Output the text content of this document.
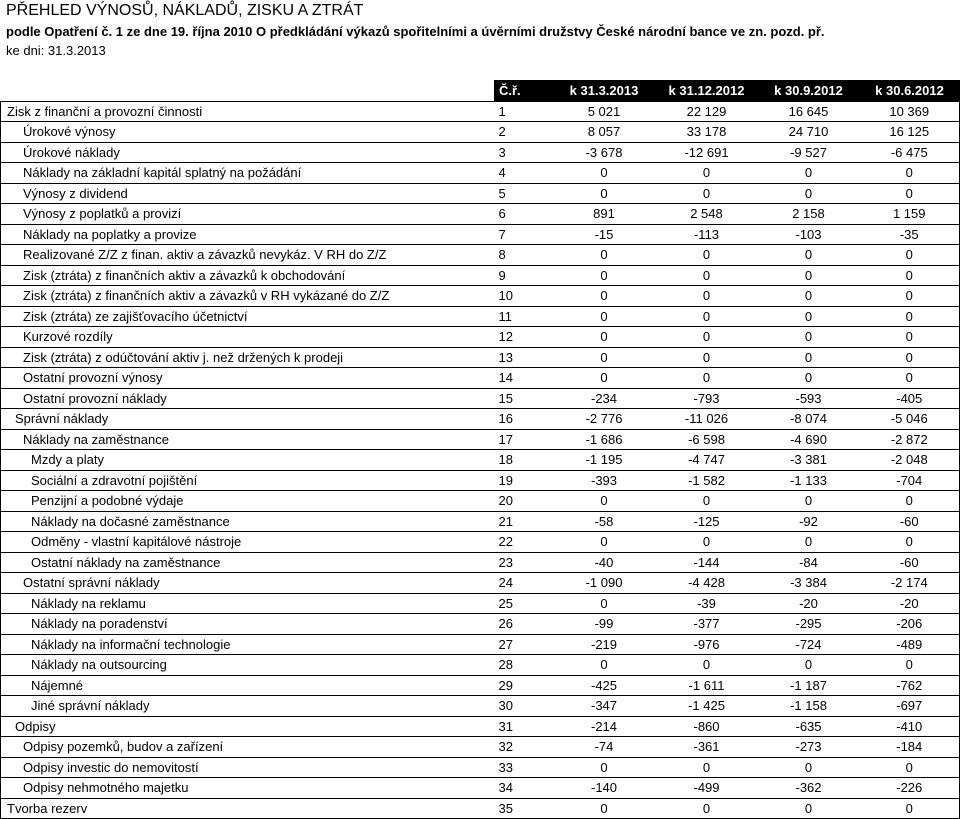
PŘEHLED VÝNOSŮ, NÁKLADŮ, ZISKU A ZTRÁT
podle Opatření č. 1 ze dne 19. října 2010 O předkládání výkazů spořitelními a úvěrními družstvy České národní bance ve zn. pozd. př.
ke dni: 31.3.2013
	Č.ř.	k 31.3.2013	k 31.12.2012	k 30.9.2012	k 30.6.2012
Zisk z finanční a provozní činnosti	1	5 021	22 129	16 645	10 369
Úrokové výnosy	2	8 057	33 178	24 710	16 125
Úrokové náklady	3	-3 678	-12 691	-9 527	-6 475
Náklady na základní kapitál splatný na požádání	4	0	0	0	0
Výnosy z dividend	5	0	0	0	0
Výnosy z poplatků a provizí	6	891	2 548	2 158	1 159
Náklady na poplatky a provize	7	-15	-113	-103	-35
Realizované Z/Z z finan. aktiv a závazků nevykáz. V RH do Z/Z	8	0	0	0	0
Zisk (ztráta) z finančních aktiv a závazků k obchodování	9	0	0	0	0
Zisk (ztráta) z finančních aktiv a závazků v RH vykázané do Z/Z	10	0	0	0	0
Zisk (ztráta) ze zajišťovacího účetnictví	11	0	0	0	0
Kurzové rozdíly	12	0	0	0	0
Zisk (ztráta) z odúčtování aktiv j. než držených k prodeji	13	0	0	0	0
Ostatní provozní výnosy	14	0	0	0	0
Ostatní provozní náklady	15	-234	-793	-593	-405
Správní náklady	16	-2 776	-11 026	-8 074	-5 046
Náklady na zaměstnance	17	-1 686	-6 598	-4 690	-2 872
Mzdy a platy	18	-1 195	-4 747	-3 381	-2 048
Sociální a zdravotní pojištění	19	-393	-1 582	-1 133	-704
Penzijní a podobné výdaje	20	0	0	0	0
Náklady na dočasné zaměstnance	21	-58	-125	-92	-60
Odměny - vlastní kapitálové nástroje	22	0	0	0	0
Ostatní náklady na zaměstnance	23	-40	-144	-84	-60
Ostatní správní náklady	24	-1 090	-4 428	-3 384	-2 174
Náklady na reklamu	25	0	-39	-20	-20
Náklady na poradenství	26	-99	-377	-295	-206
Náklady na informační technologie	27	-219	-976	-724	-489
Náklady na outsourcing	28	0	0	0	0
Nájemné	29	-425	-1 611	-1 187	-762
Jiné správní náklady	30	-347	-1 425	-1 158	-697
Odpisy	31	-214	-860	-635	-410
Odpisy pozemků, budov a zařízení	32	-74	-361	-273	-184
Odpisy investic do nemovitostí	33	0	0	0	0
Odpisy nehmotného majetku	34	-140	-499	-362	-226
Tvorba rezerv	35	0	0	0	0
